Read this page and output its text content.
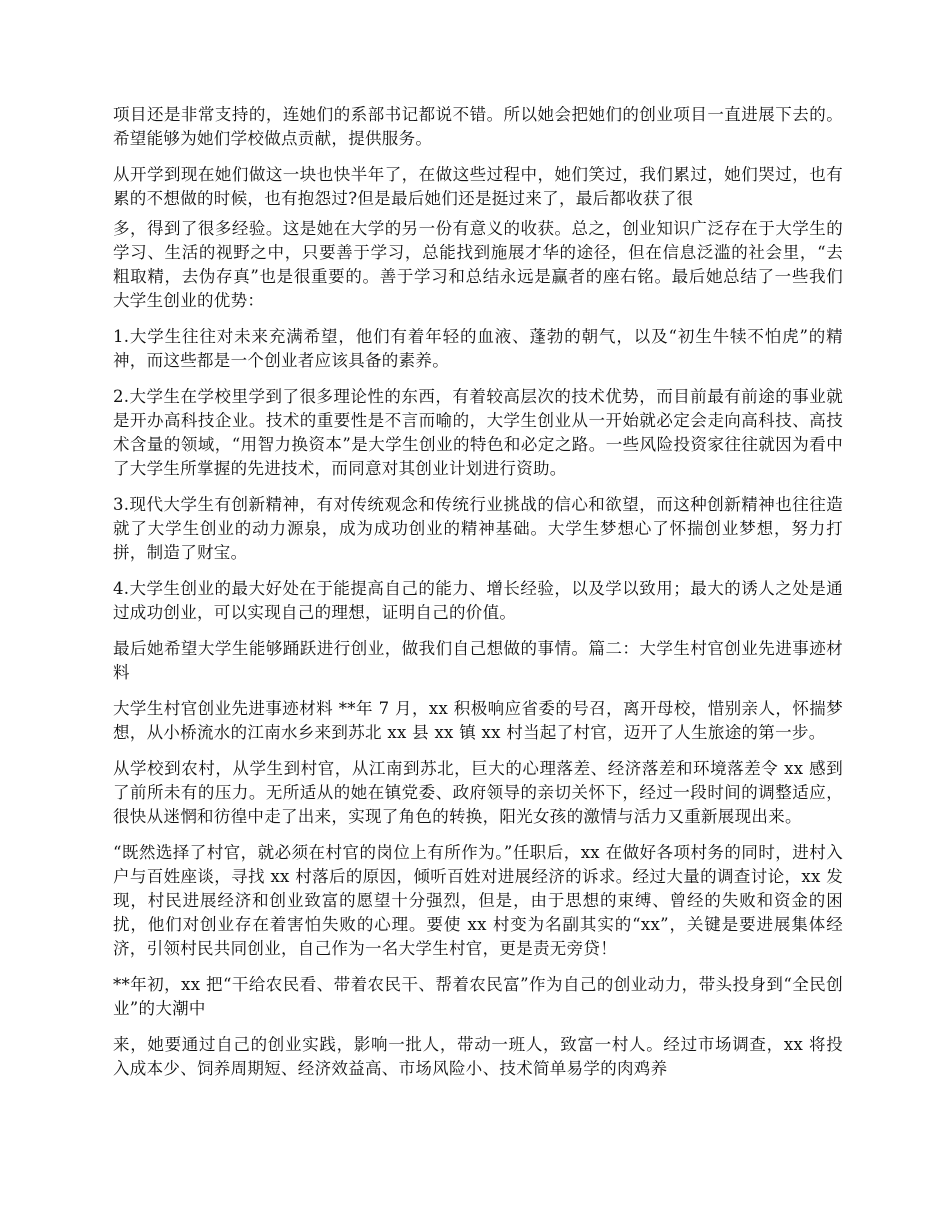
项目还是非常支持的，连她们的系部书记都说不错。所以她会把她们的创业项目一直进展下去的。希望能够为她们学校做点贡献，提供服务。

从开学到现在她们做这一块也快半年了，在做这些过程中，她们笑过，我们累过，她们哭过，也有累的不想做的时候，也有抱怨过?但是最后她们还是挺过来了，最后都收获了很

多，得到了很多经验。这是她在大学的另一份有意义的收获。总之，创业知识广泛存在于大学生的学习、生活的视野之中，只要善于学习，总能找到施展才华的途径，但在信息泛滥的社会里，“去粗取精，去伪存真”也是很重要的。善于学习和总结永远是赢者的座右铭。最后她总结了一些我们大学生创业的优势：

1.大学生往往对未来充满希望，他们有着年轻的血液、蓬勃的朝气，以及“初生牛犊不怕虎”的精神，而这些都是一个创业者应该具备的素养。

2.大学生在学校里学到了很多理论性的东西，有着较高层次的技术优势，而目前最有前途的事业就是开办高科技企业。技术的重要性是不言而喻的，大学生创业从一开始就必定会走向高科技、高技术含量的领域，“用智力换资本”是大学生创业的特色和必定之路。一些风险投资家往往就因为看中了大学生所掌握的先进技术，而同意对其创业计划进行资助。

3.现代大学生有创新精神，有对传统观念和传统行业挑战的信心和欲望，而这种创新精神也往往造就了大学生创业的动力源泉，成为成功创业的精神基础。大学生梦想心了怀揣创业梦想，努力打拼，制造了财宝。

4.大学生创业的最大好处在于能提高自己的能力、增长经验，以及学以致用；最大的诱人之处是通过成功创业，可以实现自己的理想，证明自己的价值。

最后她希望大学生能够踊跃进行创业，做我们自己想做的事情。篇二：大学生村官创业先进事迹材料

大学生村官创业先进事迹材料 **年 7 月，xx 积极响应省委的号召，离开母校，惜别亲人，怀揣梦想，从小桥流水的江南水乡来到苏北 xx 县 xx 镇 xx 村当起了村官，迈开了人生旅途的第一步。

从学校到农村，从学生到村官，从江南到苏北，巨大的心理落差、经济落差和环境落差令 xx 感到了前所未有的压力。无所适从的她在镇党委、政府领导的亲切关怀下，经过一段时间的调整适应，很快从迷惘和彷徨中走了出来，实现了角色的转换，阳光女孩的激情与活力又重新展现出来。

“既然选择了村官，就必须在村官的岗位上有所作为。”任职后，xx 在做好各项村务的同时，进村入户与百姓座谈，寻找 xx 村落后的原因，倾听百姓对进展经济的诉求。经过大量的调查讨论，xx 发现，村民进展经济和创业致富的愿望十分强烈，但是，由于思想的束缚、曾经的失败和资金的困扰，他们对创业存在着害怕失败的心理。要使 xx 村变为名副其实的“xx”，关键是要进展集体经济，引领村民共同创业，自己作为一名大学生村官，更是责无旁贷！

**年初，xx 把“干给农民看、带着农民干、帮着农民富”作为自己的创业动力，带头投身到“全民创业”的大潮中

来，她要通过自己的创业实践，影响一批人，带动一班人，致富一村人。经过市场调查，xx 将投入成本少、饲养周期短、经济效益高、市场风险小、技术简单易学的肉鸡养
